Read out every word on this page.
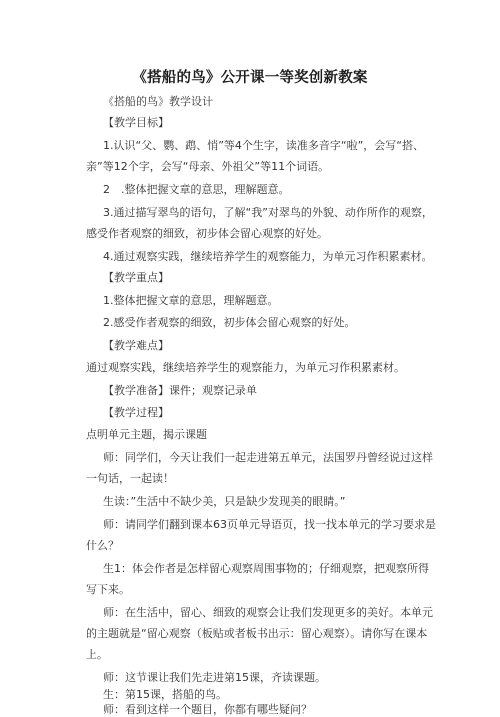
《搭船的鸟》公开课一等奖创新教案
《搭船的鸟》教学设计
【教学目标】
1.认识“父、鹦、鹉、悄”等4个生字，读准多音字“啦”，会写“搭、
亲”等12个字，会写“母亲、外祖父”等11个词语。
2　.整体把握文章的意思，理解题意。
3.通过描写翠鸟的语句，了解“我”对翠鸟的外貌、动作所作的观察，
感受作者观察的细致，初步体会留心观察的好处。
4.通过观察实践，继续培养学生的观察能力，为单元习作积累素材。
【教学重点】
1.整体把握文章的意思，理解题意。
2.感受作者观察的细致，初步体会留心观察的好处。
【教学难点】
通过观察实践，继续培养学生的观察能力，为单元习作积累素材。
【教学准备】课件；观察记录单
【教学过程】
点明单元主题，揭示课题
师：同学们，今天让我们一起走进第五单元，法国罗丹曾经说过这样
一句话，一起读！
生读：”生活中不缺少美，只是缺少发现美的眼睛。”
师：请同学们翻到课本63页单元导语页，找一找本单元的学习要求是
什么？
生1：体会作者是怎样留心观察周围事物的；仔细观察，把观察所得
写下来。
师：在生活中，留心、细致的观察会让我们发现更多的美好。本单元
的主题就是“留心观察（板贴或者板书出示：留心观察）。请你写在课本
上。
师：这节课让我们先走进第15课，齐读课题。
生：第15课，搭船的鸟。
师：看到这样一个题目，你都有哪些疑问？
